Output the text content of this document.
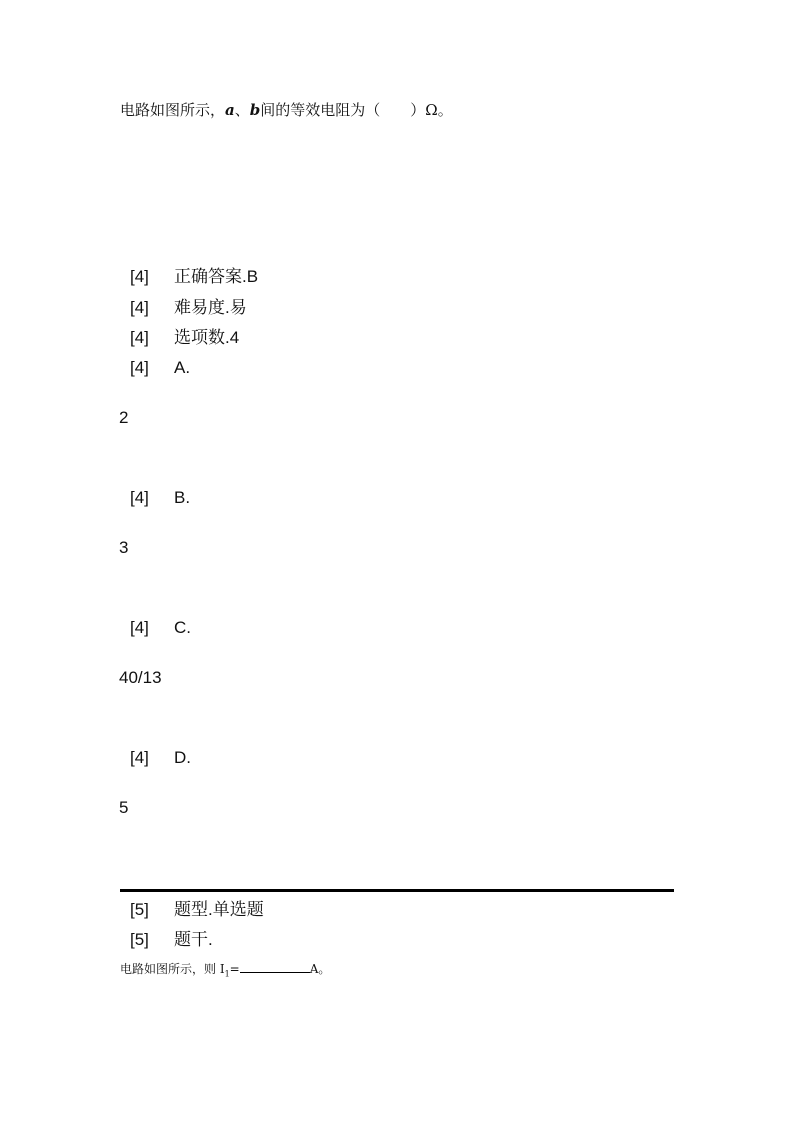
电路如图所示，a、b间的等效电阻为（　　）Ω。
[4] 正确答案.B
[4] 难易度.易
[4] 选项数.4
[4] A.
2
[4] B.
3
[4] C.
40/13
[4] D.
5
[5] 题型.单选题
[5] 题干.
电路如图所示，则 $I_1=$	A。
